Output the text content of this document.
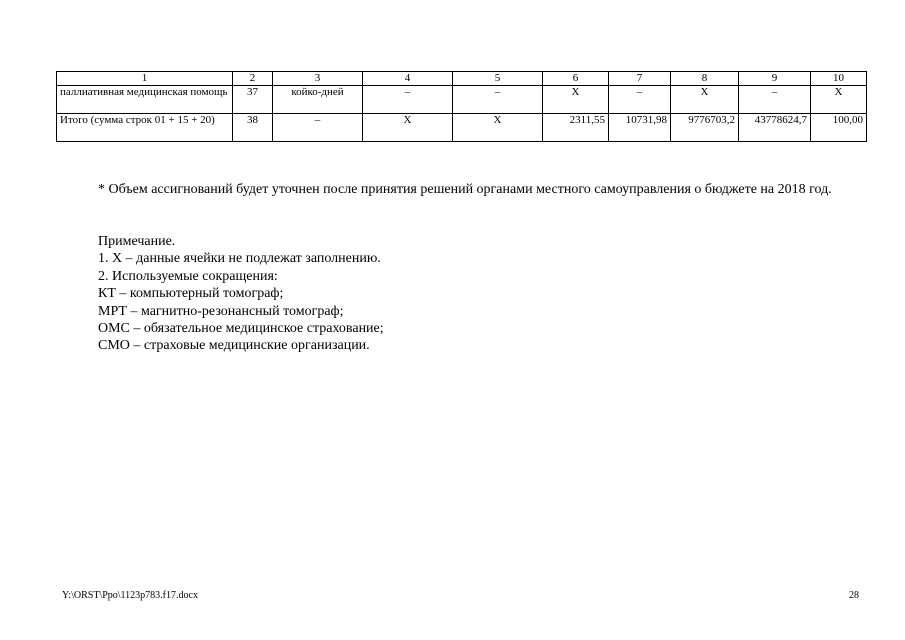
1	2	3	4	5	6	7	8	9	10
паллиативная медицинская помощь	37	койко-дней	–	–	Х	–	Х	–	Х
Итого (сумма строк 01 + 15 + 20)	38	–	Х	Х	2311,55	10731,98	9776703,2	43778624,7	100,00
* Объем ассигнований будет уточнен после принятия решений органами местного самоуправления о бюджете на 2018 год.
Примечание.
1. Х – данные ячейки не подлежат заполнению.
2. Используемые сокращения:
КТ – компьютерный томограф;
МРТ – магнитно-резонансный томограф;
ОМС – обязательное медицинское страхование;
СМО – страховые медицинские организации.
Y:\ORST\Ppo\1123p783.f17.docx	28
